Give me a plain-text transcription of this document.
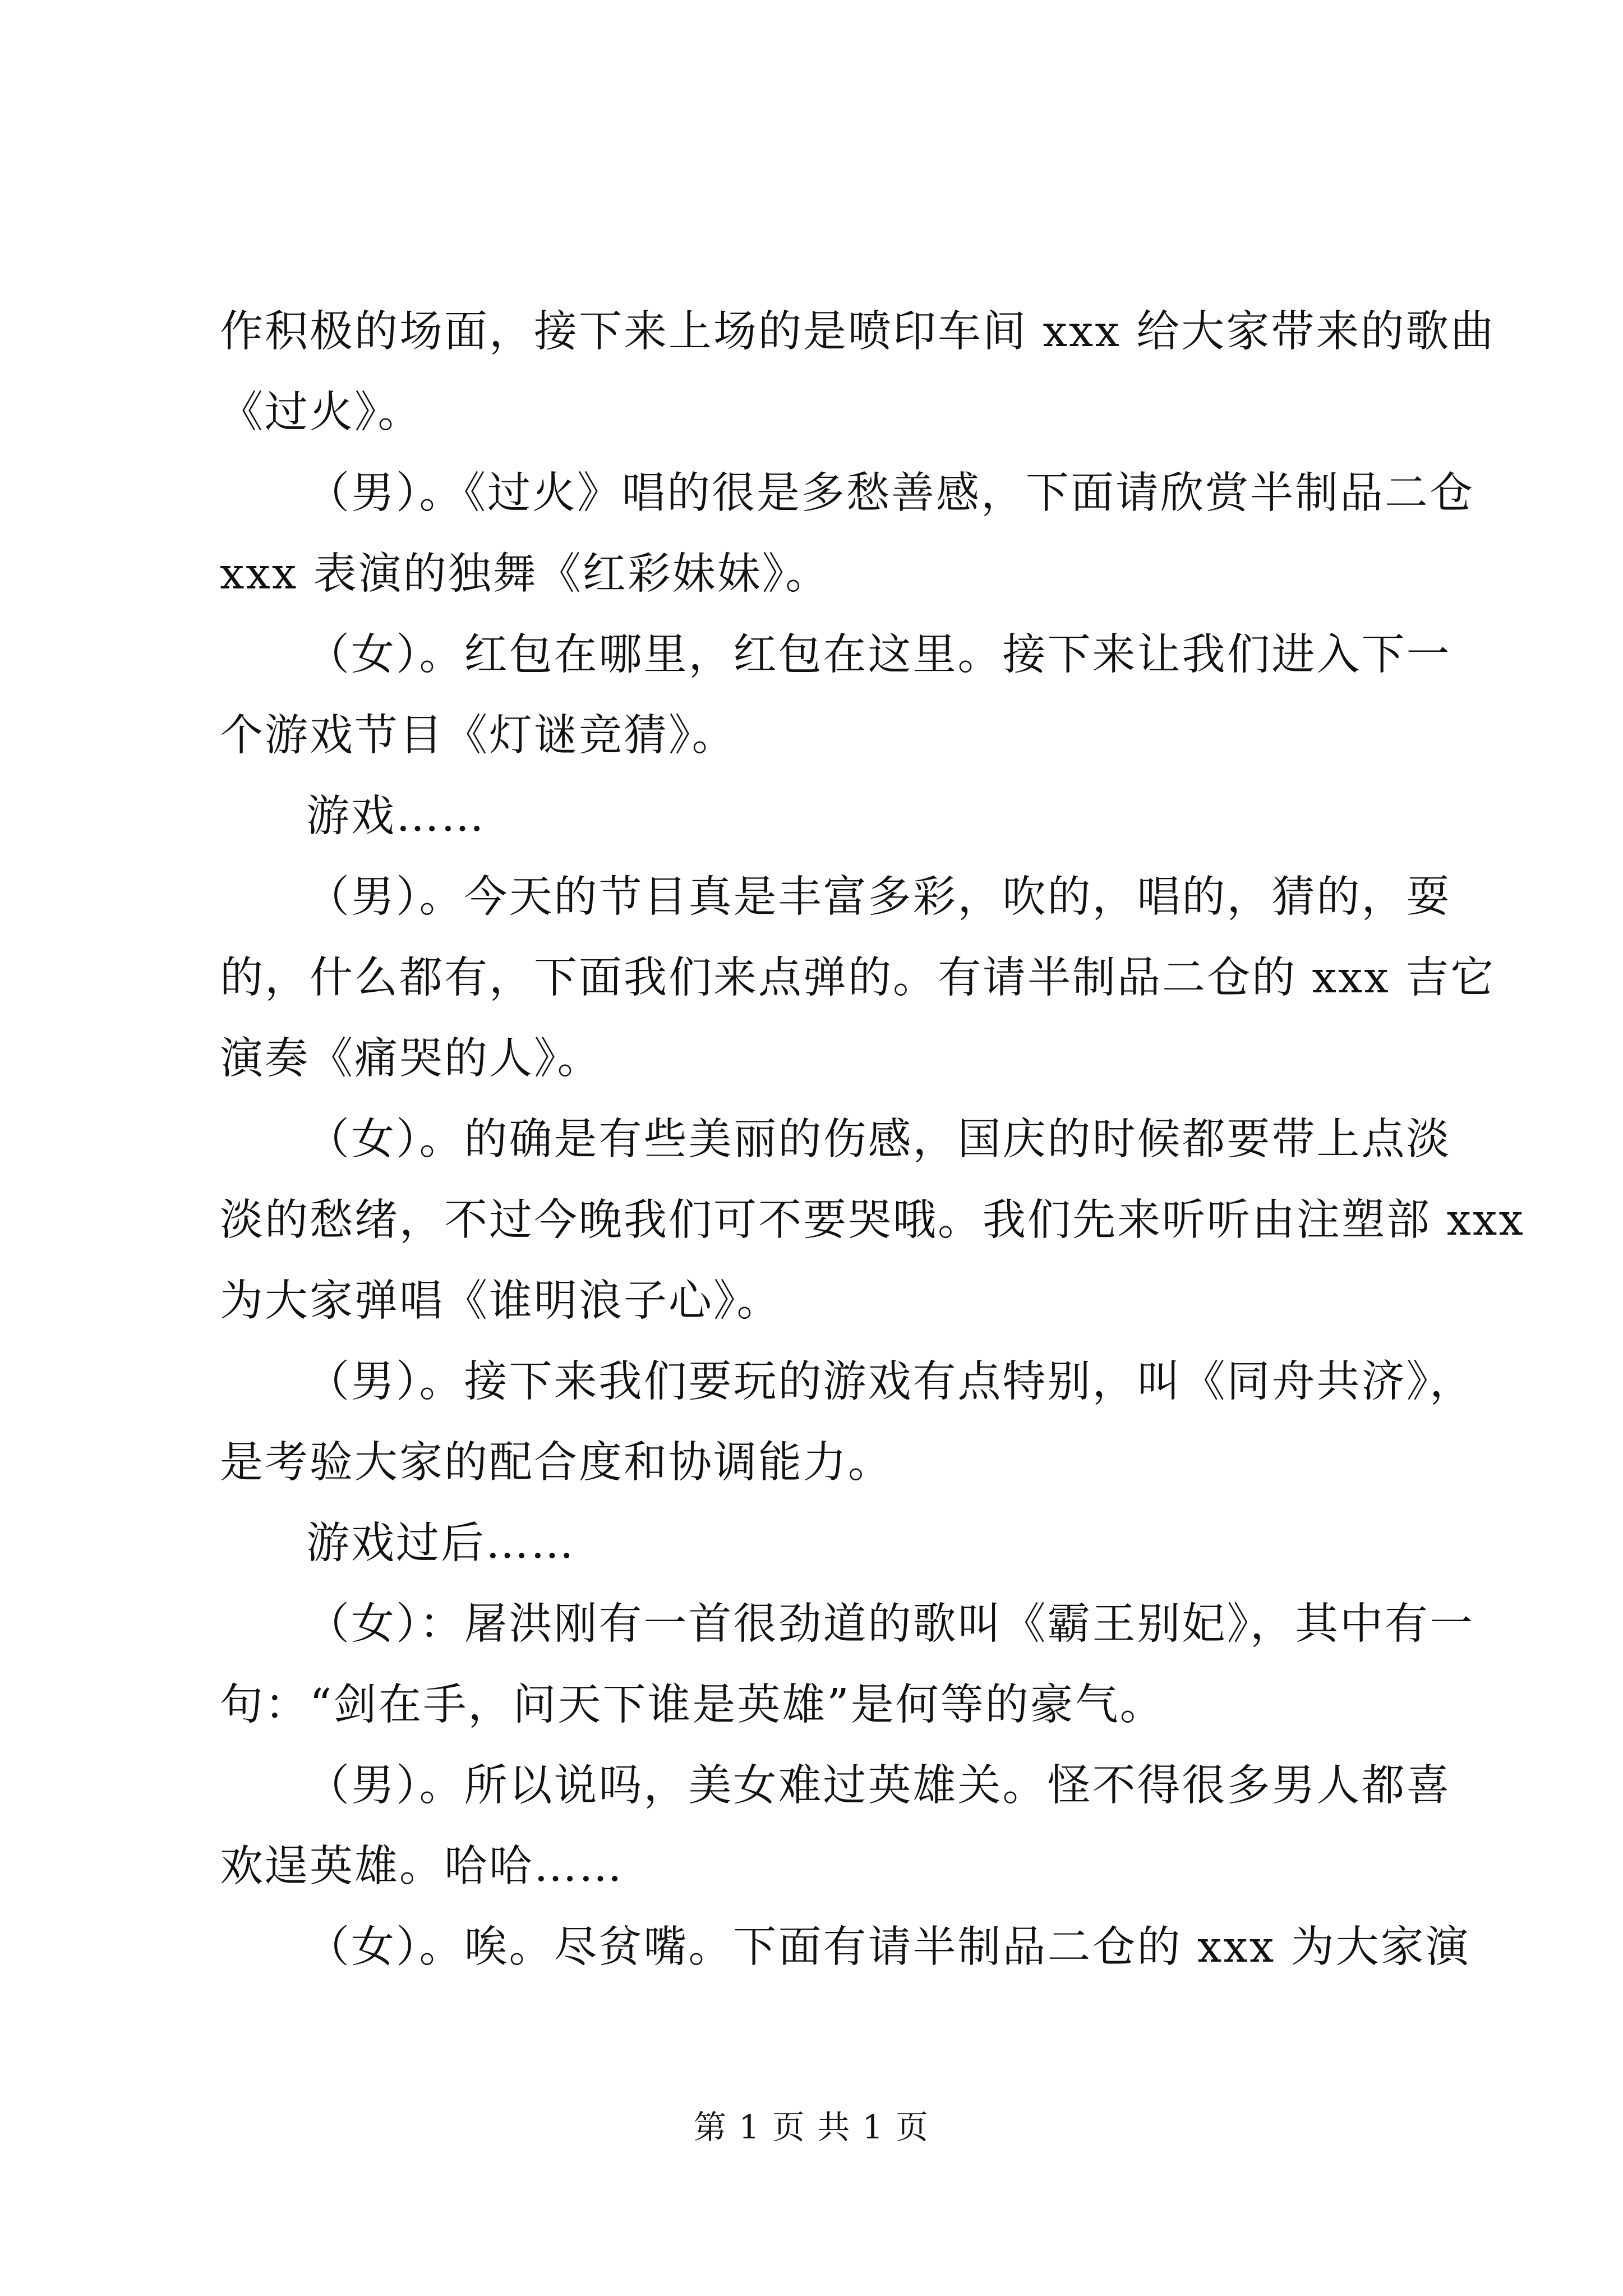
作积极的场面，接下来上场的是喷印车间 xxx 给大家带来的歌曲
《过火》。
（男）。《过火》唱的很是多愁善感，下面请欣赏半制品二仓
xxx 表演的独舞《红彩妹妹》。
（女）。红包在哪里，红包在这里。接下来让我们进入下一
个游戏节目《灯谜竞猜》。
游戏……
（男）。今天的节目真是丰富多彩，吹的，唱的，猜的，耍
的，什么都有，下面我们来点弹的。有请半制品二仓的 xxx 吉它
演奏《痛哭的人》。
（女）。的确是有些美丽的伤感，国庆的时候都要带上点淡
淡的愁绪，不过今晚我们可不要哭哦。我们先来听听由注塑部 xxx
为大家弹唱《谁明浪子心》。
（男）。接下来我们要玩的游戏有点特别，叫《同舟共济》，
是考验大家的配合度和协调能力。
游戏过后……
（女）：屠洪刚有一首很劲道的歌叫《霸王别妃》，其中有一
句：“剑在手，问天下谁是英雄”是何等的豪气。
（男）。所以说吗，美女难过英雄关。怪不得很多男人都喜
欢逞英雄。哈哈……
（女）。唉。尽贫嘴。下面有请半制品二仓的 xxx 为大家演
第 1 页 共 1 页
